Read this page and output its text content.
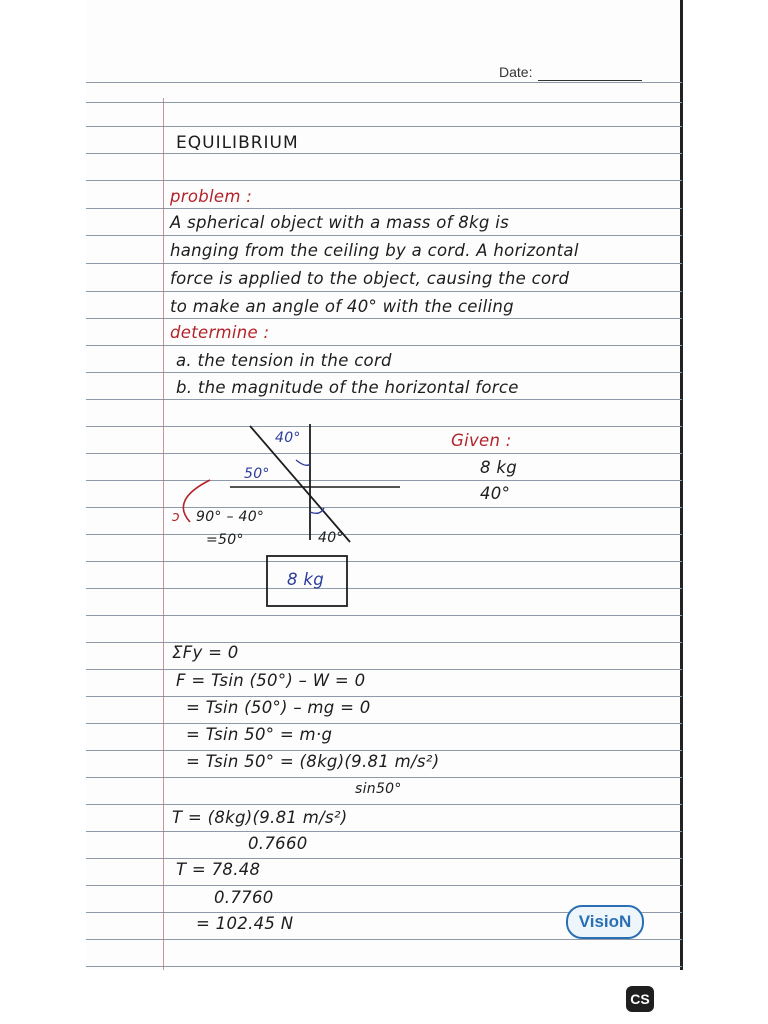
Date:
EQUILIBRIUM
problem :
A spherical object with a mass of 8kg is
hanging from the ceiling by a cord. A horizontal
force is applied to the object, causing the cord
to make an angle of 40° with the ceiling
determine :
a. the tension in the cord
b. the magnitude of the horizontal force
40°
50°
ↄ 90° – 40°
=50°	40°
8 kg
Given :
8 kg
40°
ΣFy = 0
F = Tsin (50°) – W = 0
= Tsin (50°) – mg = 0
= Tsin 50° = m·g
= Tsin 50° = (8kg)(9.81 m/s²)
sin50°
T = (8kg)(9.81 m/s²)
0.7660
T = 78.48
0.7760
= 102.45 N	VisioN
CS
